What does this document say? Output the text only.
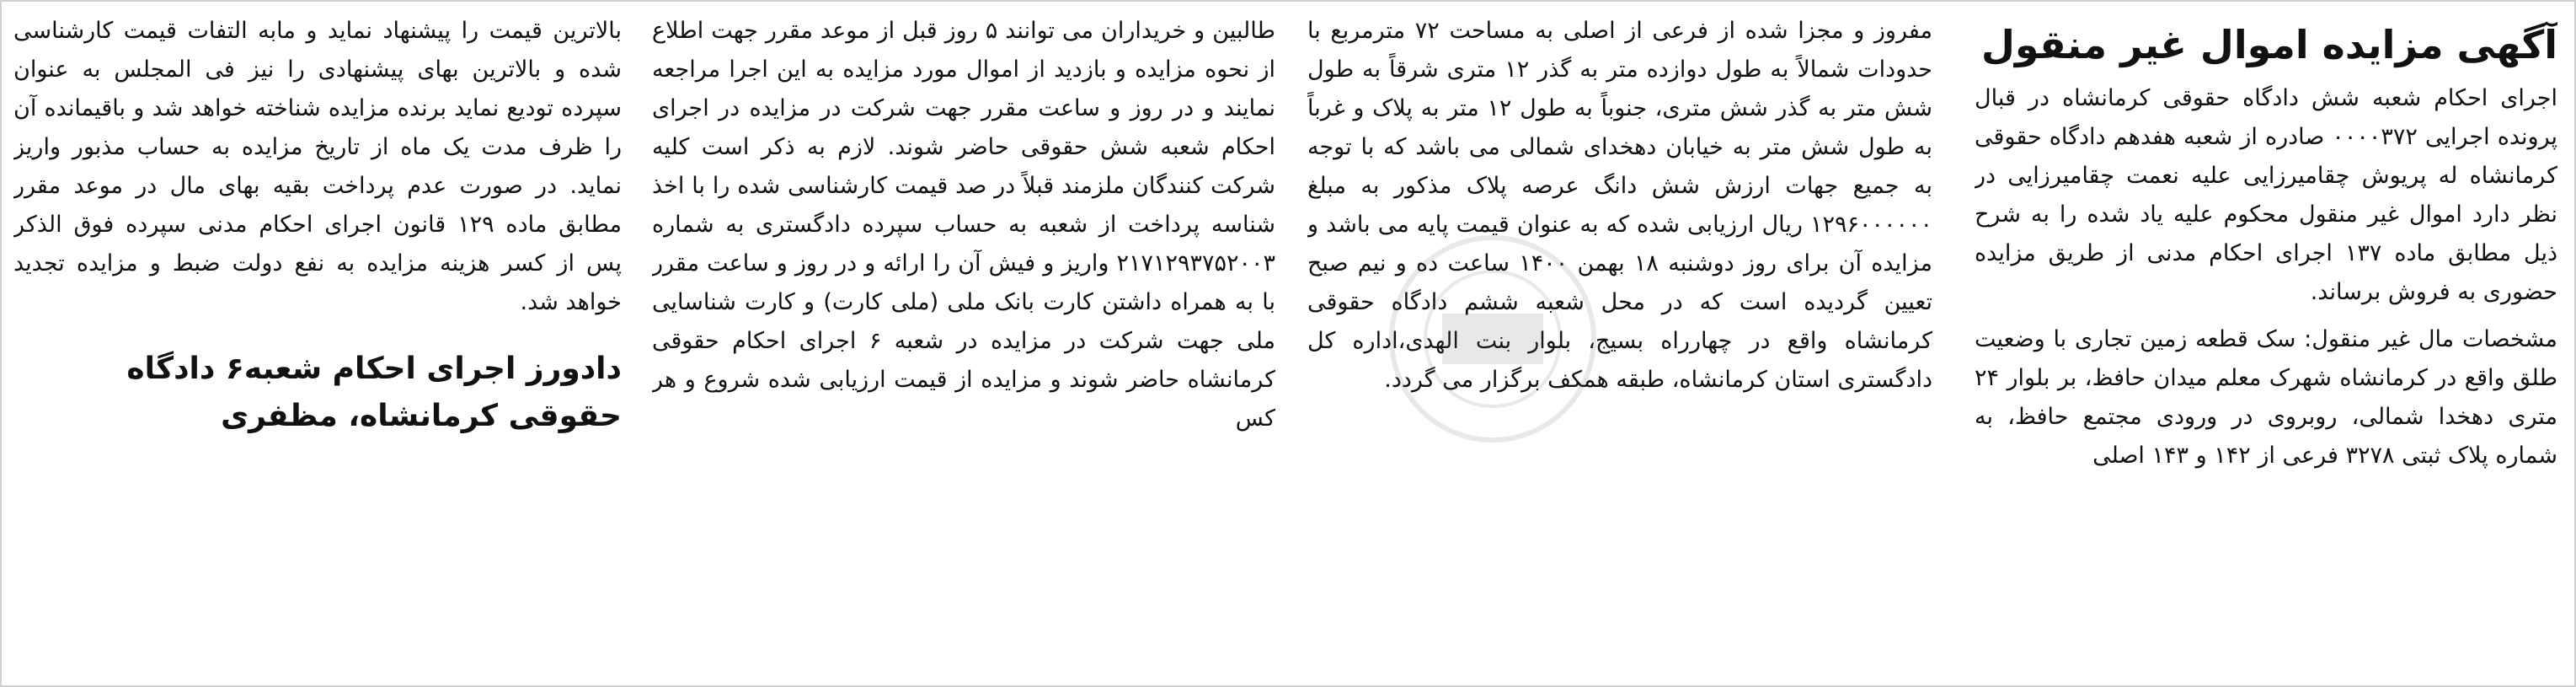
آگهی مزایده اموال غیر منقول

اجرای احکام شعبه شش دادگاه حقوقی کرمانشاه در قبال پرونده اجرایی ۰۰۰۰۳۷۲ صادره از شعبه هفدهم دادگاه حقوقی کرمانشاه له پریوش چقامیرزایی علیه نعمت چقامیرزایی در نظر دارد اموال غیر منقول محکوم علیه یاد شده را به شرح ذیل مطابق ماده ۱۳۷ اجرای احکام مدنی از طریق مزایده حضوری به فروش برساند.

مشخصات مال غیر منقول: سک قطعه زمین تجاری با وضعیت طلق واقع در کرمانشاه شهرک معلم میدان حافظ، بر بلوار ۲۴ متری دهخدا شمالی، روبروی در ورودی مجتمع حافظ، به شماره پلاک ثبتی ۳۲۷۸ فرعی از ۱۴۲ و ۱۴۳ اصلی

مفروز و مجزا شده از فرعی از اصلی به مساحت ۷۲ مترمربع با حدودات شمالاً به طول دوازده متر به گذر ۱۲ متری شرقاً به طول شش متر به گذر شش متری، جنوباً به طول ۱۲ متر به پلاک و غرباً به طول شش متر به خیابان دهخدای شمالی می باشد که با توجه به جمیع جهات ارزش شش دانگ عرصه پلاک مذکور به مبلغ ۱۲۹۶۰۰۰۰۰۰ ریال ارزیابی شده که به عنوان قیمت پایه می باشد و مزایده آن برای روز دوشنبه ۱۸ بهمن ۱۴۰۰ ساعت ده و نیم صبح تعیین گردیده است که در محل شعبه ششم دادگاه حقوقی کرمانشاه واقع در چهارراه بسیج، بلوار بنت الهدی،اداره کل دادگستری استان کرمانشاه، طبقه همکف برگزار می گردد.

طالبین و خریداران می توانند ۵ روز قبل از موعد مقرر جهت اطلاع از نحوه مزایده و بازدید از اموال مورد مزایده به این اجرا مراجعه نمایند و در روز و ساعت مقرر جهت شرکت در مزایده در اجرای احکام شعبه شش حقوقی حاضر شوند. لازم به ذکر است کلیه شرکت کنندگان ملزمند قبلاً در صد قیمت کارشناسی شده را با اخذ شناسه پرداخت از شعبه به حساب سپرده دادگستری به شماره ۲۱۷۱۲۹۳۷۵۲۰۰۳ واریز و فیش آن را ارائه و در روز و ساعت مقرر با به همراه داشتن کارت بانک ملی (ملی کارت) و کارت شناسایی ملی جهت شرکت در مزایده در شعبه ۶ اجرای احکام حقوقی کرمانشاه حاضر شوند و مزایده از قیمت ارزیابی شده شروع و هر کس

بالاترین قیمت را پیشنهاد نماید و مابه التفات قیمت کارشناسی شده و بالاترین بهای پیشنهادی را نیز فی المجلس به عنوان سپرده تودیع نماید برنده مزایده شناخته خواهد شد و باقیمانده آن را ظرف مدت یک ماه از تاریخ مزایده به حساب مذبور واریز نماید. در صورت عدم پرداخت بقیه بهای مال در موعد مقرر مطابق ماده ۱۲۹ قانون اجرای احکام مدنی سپرده فوق الذکر پس از کسر هزینه مزایده به نفع دولت ضبط و مزایده تجدید خواهد شد.

دادورز اجرای احکام شعبه۶ دادگاه حقوقی کرمانشاه، مظفری
